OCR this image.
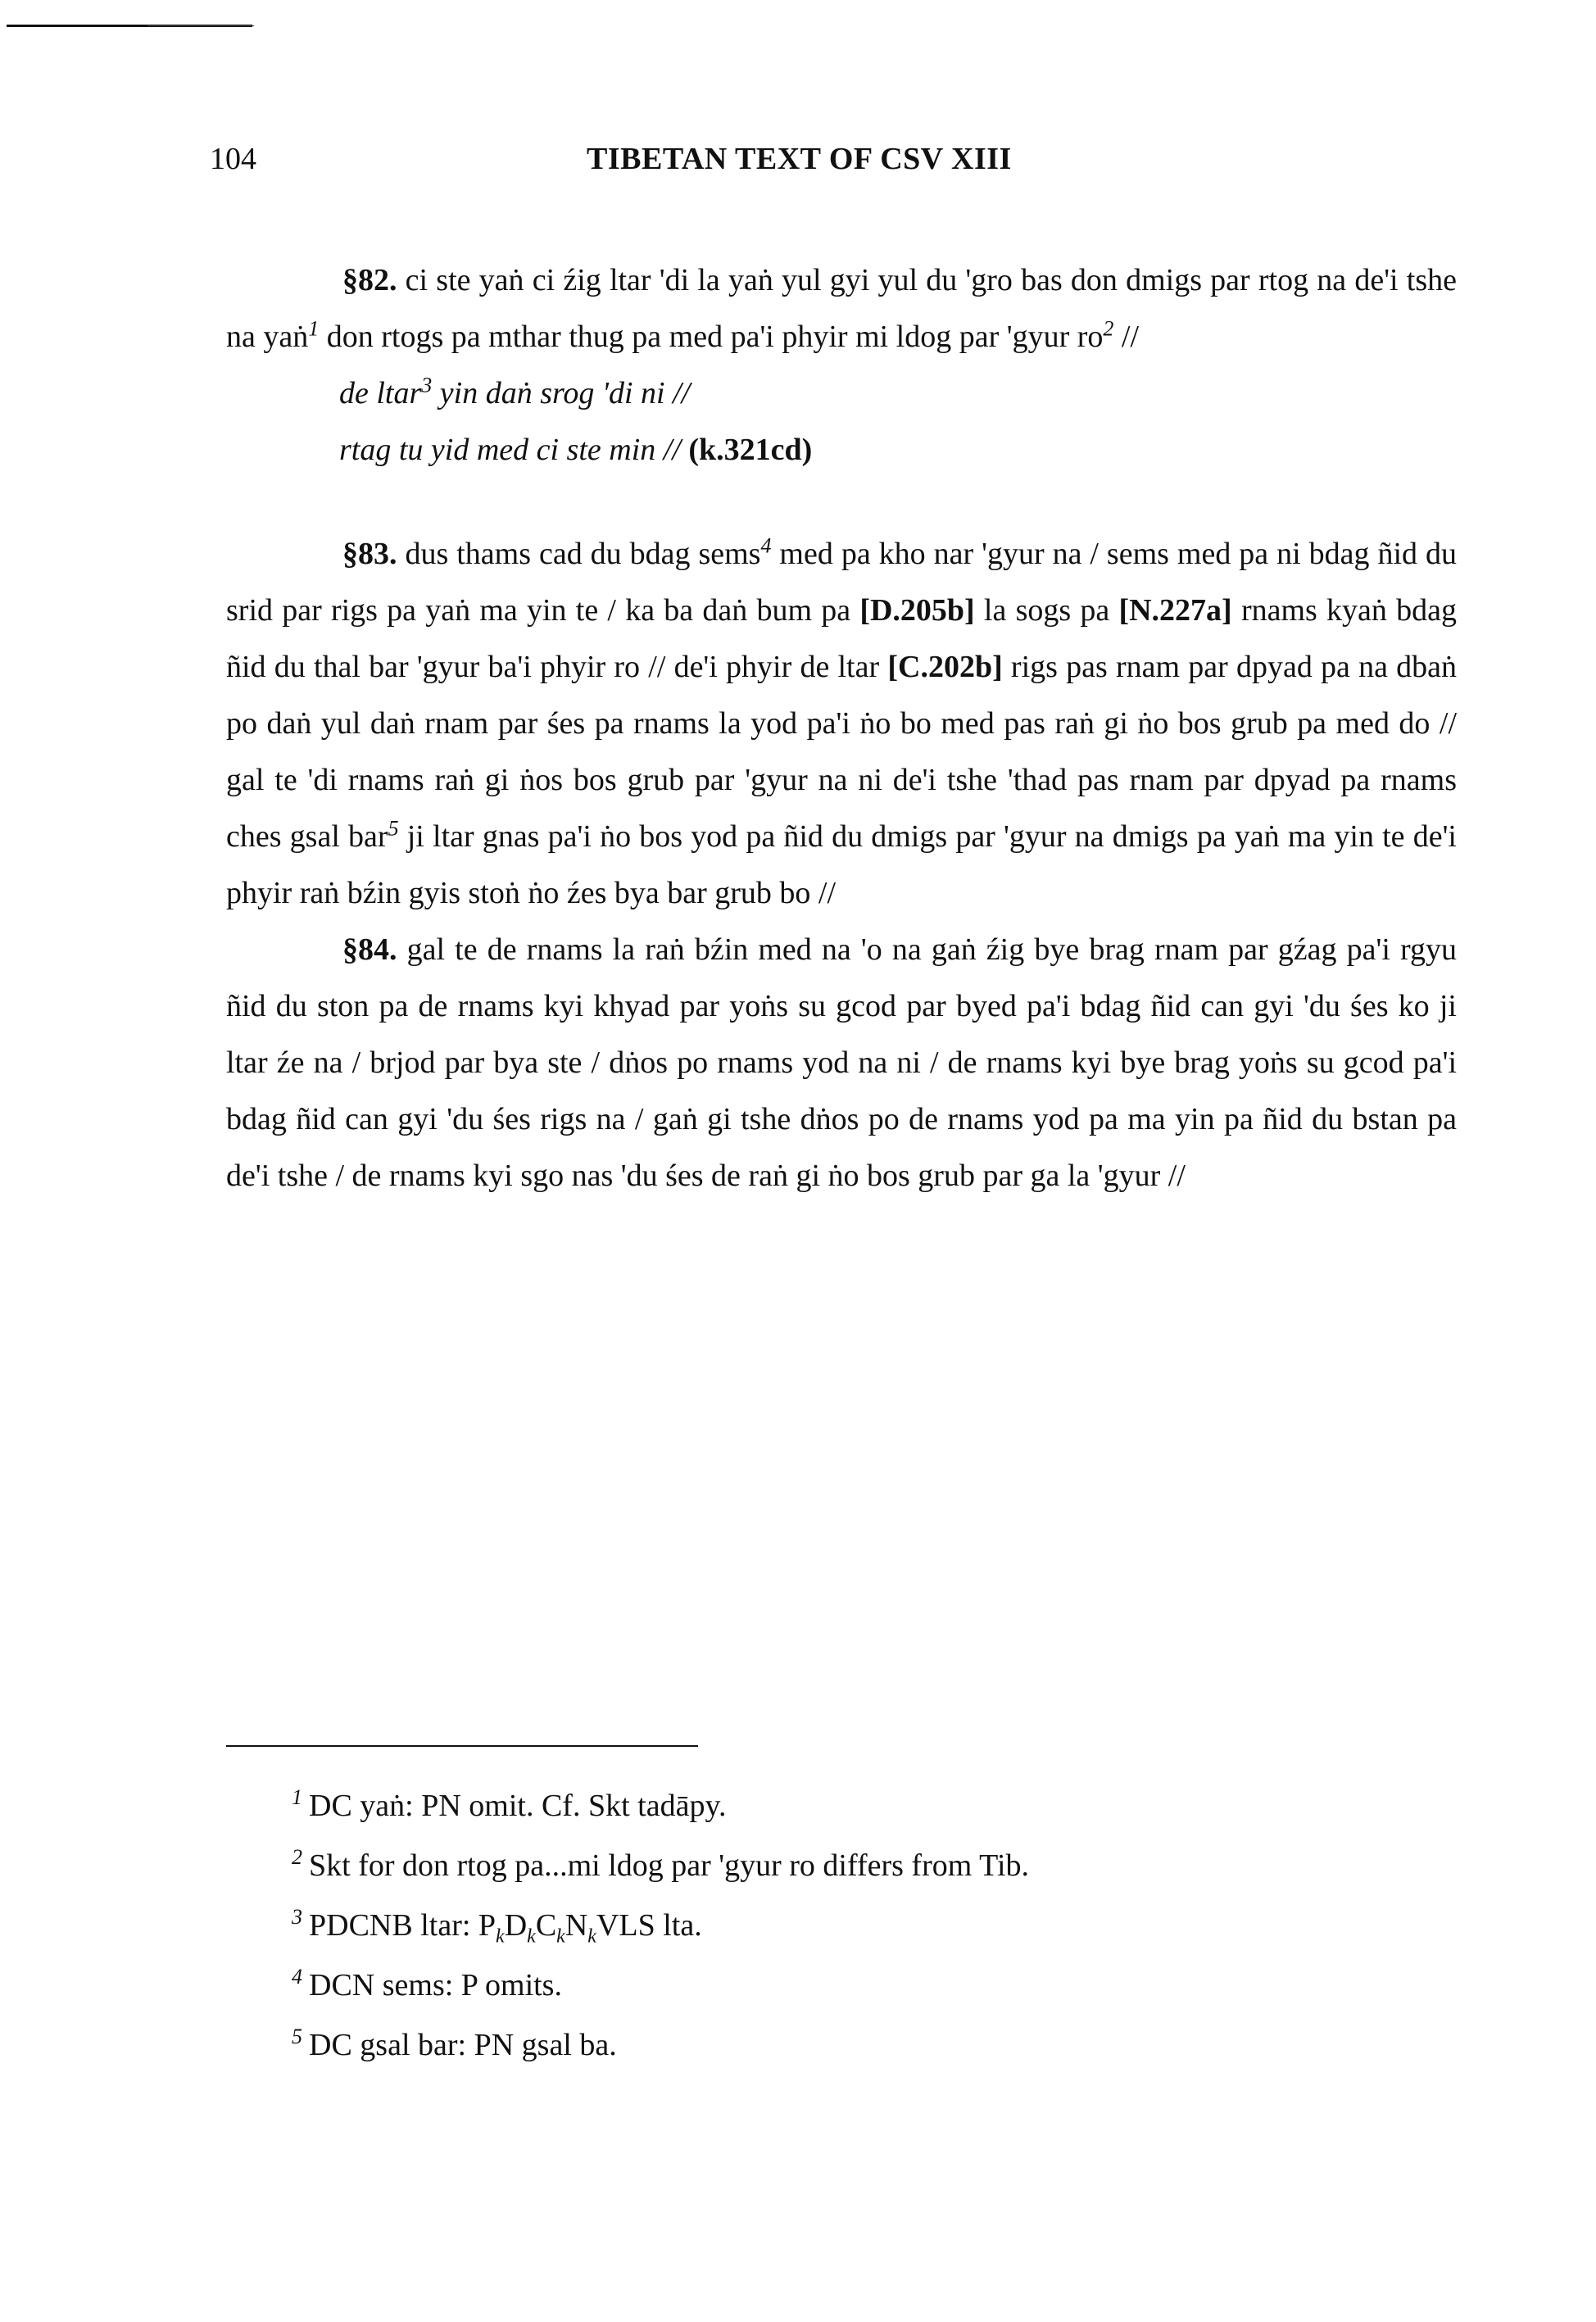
104	TIBETAN TEXT OF CSV XIII

§82. ci ste yaṅ ci źig ltar 'di la yaṅ yul gyi yul du 'gro bas don dmigs par rtog na de'i tshe na yaṅ$^1$ don rtogs pa mthar thug pa med pa'i phyir mi ldog par 'gyur $ro^2$ //

de ltar$^3$ yin daṅ srog 'di ni //

rtag tu yid med ci ste min // (k.321cd)

§83. dus thams cad du bdag sems$^4$ med pa kho nar 'gyur na / sems med pa ni bdag ñid du srid par rigs pa yaṅ ma yin te / ka ba daṅ bum pa [D.205b] la sogs pa [N.227a] rnams kyaṅ bdag ñid du thal bar 'gyur ba'i phyir ro // de'i phyir de ltar [C.202b] rigs pas rnam par dpyad pa na dbaṅ po daṅ yul daṅ rnam par śes pa rnams la yod pa'i ṅo bo med pas raṅ gi ṅo bos grub pa med do // gal te 'di rnams raṅ gi ṅos bos grub par 'gyur na ni de'i tshe 'thad pas rnam par dpyad pa rnams ches gsal bar$^5$ ji ltar gnas pa'i ṅo bos yod pa ñid du dmigs par 'gyur na dmigs pa yaṅ ma yin te de'i phyir raṅ bźin gyis stoṅ ṅo źes bya bar grub bo //

§84. gal te de rnams la raṅ bźin med na 'o na gaṅ źig bye brag rnam par gźag pa'i rgyu ñid du ston pa de rnams kyi khyad par yoṅs su gcod par byed pa'i bdag ñid can gyi 'du śes ko ji ltar źe na / brjod par bya ste / dṅos po rnams yod na ni / de rnams kyi bye brag yoṅs su gcod pa'i bdag ñid can gyi 'du śes rigs na / gaṅ gi tshe dṅos po de rnams yod pa ma yin pa ñid du bstan pa de'i tshe / de rnams kyi sgo nas 'du śes de raṅ gi ṅo bos grub par ga la 'gyur //

$^1$ DC yaṅ: PN omit. Cf. Skt tadāpy.
$^2$ Skt for don rtog pa...mi ldog par 'gyur ro differs from Tib.
$^3$ PDCNB ltar: $P_kD_kC_kN_kVLS$ lta.
$^4$ DCN sems: P omits.
$^5$ DC gsal bar: PN gsal ba.
